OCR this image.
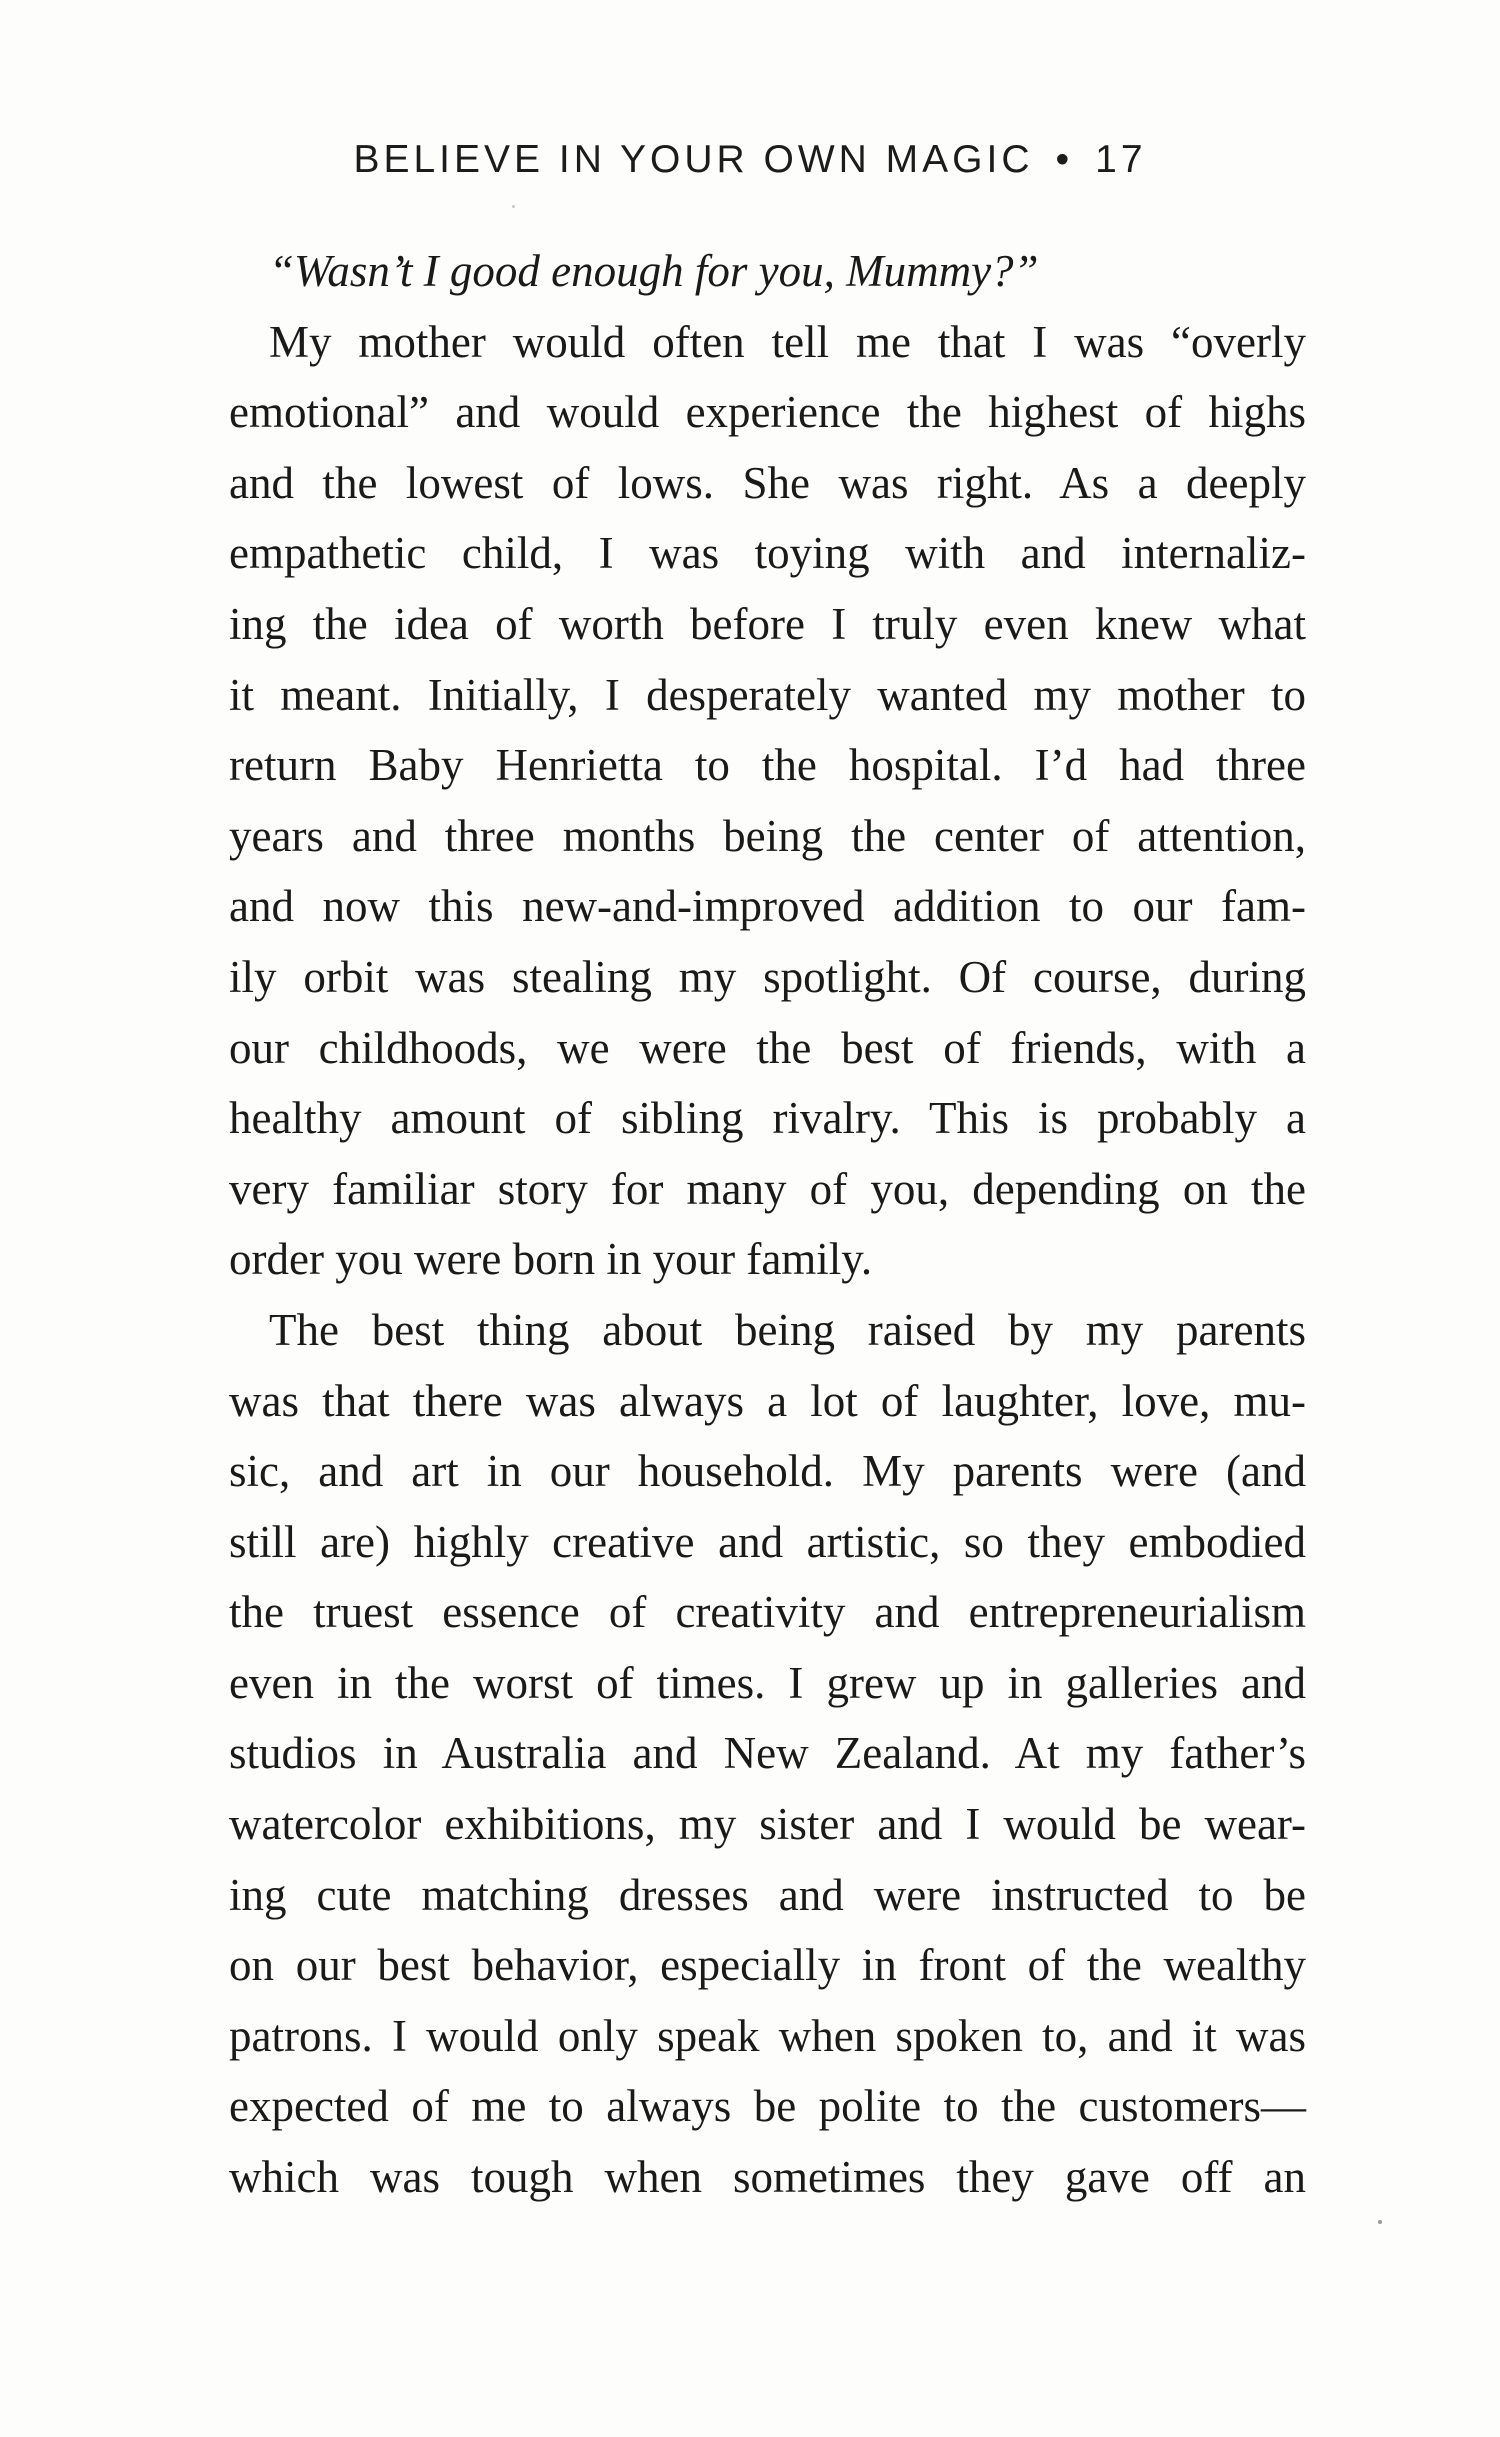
BELIEVE IN YOUR OWN MAGIC • 17
“Wasn’t I good enough for you, Mummy?”
My mother would often tell me that I was “overly
emotional” and would experience the highest of highs
and the lowest of lows. She was right. As a deeply
empathetic child, I was toying with and internaliz-
ing the idea of worth before I truly even knew what
it meant. Initially, I desperately wanted my mother to
return Baby Henrietta to the hospital. I’d had three
years and three months being the center of attention,
and now this new-and-improved addition to our fam-
ily orbit was stealing my spotlight. Of course, during
our childhoods, we were the best of friends, with a
healthy amount of sibling rivalry. This is probably a
very familiar story for many of you, depending on the
order you were born in your family.
The best thing about being raised by my parents
was that there was always a lot of laughter, love, mu-
sic, and art in our household. My parents were (and
still are) highly creative and artistic, so they embodied
the truest essence of creativity and entrepreneurialism
even in the worst of times. I grew up in galleries and
studios in Australia and New Zealand. At my father’s
watercolor exhibitions, my sister and I would be wear-
ing cute matching dresses and were instructed to be
on our best behavior, especially in front of the wealthy
patrons. I would only speak when spoken to, and it was
expected of me to always be polite to the customers—
which was tough when sometimes they gave off an
